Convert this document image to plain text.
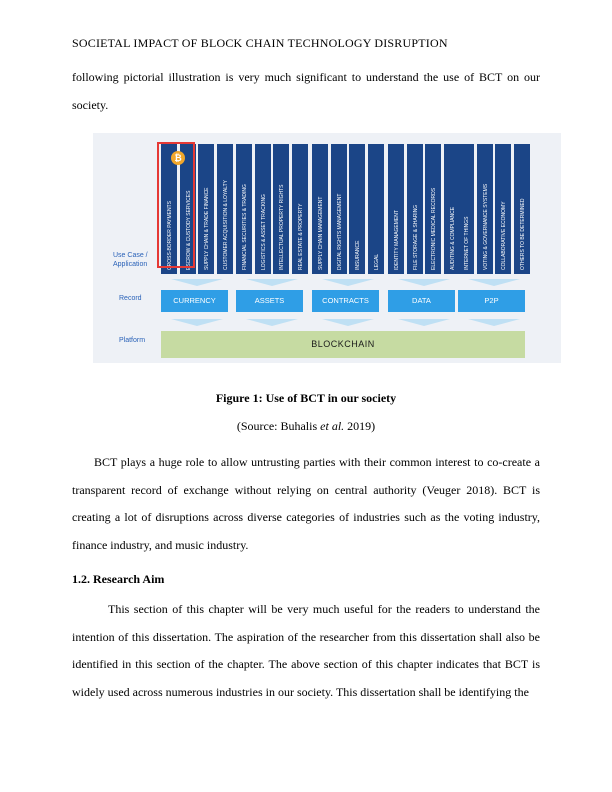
SOCIETAL IMPACT OF BLOCK CHAIN TECHNOLOGY DISRUPTION

following pictorial illustration is very much significant to understand the use of BCT on our society.

CROSS-BORDER PAYMENTS	ESCROW & CUSTODY SERVICES	SUPPLY CHAIN & TRADE FINANCE	CUSTOMER ACQUISITION & LOYALTY	FINANCIAL SECURITIES & TRADING	LOGISTICS & ASSET TRACKING	INTELLECTUAL PROPERTY RIGHTS	REAL ESTATE & PROPERTY	SUPPLY CHAIN MANAGEMENT	DIGITAL RIGHTS MANAGEMENT	INSURANCE	LEGAL	IDENTITY MANAGEMENT	FILE STORAGE & SHARING	ELECTRONIC MEDICAL RECORDS	AUDITING & COMPLIANCE INTERNET OF THINGS	VOTING & GOVERNANCE SYSTEMS	COLLABORATIVE ECONOMY	OTHERS TO BE DETERMINED
₿
Use Case / Application
Record
Platform
CURRENCY	ASSETS	CONTRACTS	DATA	P2P
BLOCKCHAIN
Figure 1: Use of BCT in our society
(Source: Buhalis et al. 2019)

BCT plays a huge role to allow untrusting parties with their common interest to co-create a transparent record of exchange without relying on central authority (Veuger 2018). BCT is creating a lot of disruptions across diverse categories of industries such as the voting industry, finance industry, and music industry.

1.2. Research Aim

This section of this chapter will be very much useful for the readers to understand the intention of this dissertation. The aspiration of the researcher from this dissertation shall also be identified in this section of the chapter. The above section of this chapter indicates that BCT is widely used across numerous industries in our society. This dissertation shall be identifying the
